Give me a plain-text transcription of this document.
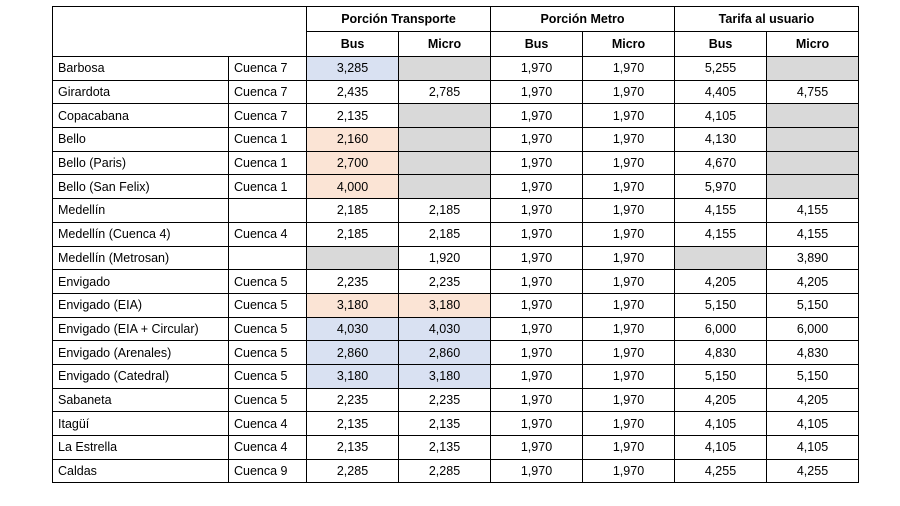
		Porción Transporte		Porción Metro		Tarifa al usuario	
		Bus	Micro	Bus	Micro	Bus	Micro
Barbosa	Cuenca 7	3,285		1,970	1,970	5,255	
Girardota	Cuenca 7	2,435	2,785	1,970	1,970	4,405	4,755
Copacabana	Cuenca 7	2,135		1,970	1,970	4,105	
Bello	Cuenca 1	2,160		1,970	1,970	4,130	
Bello (Paris)	Cuenca 1	2,700		1,970	1,970	4,670	
Bello (San Felix)	Cuenca 1	4,000		1,970	1,970	5,970	
Medellín		2,185	2,185	1,970	1,970	4,155	4,155
Medellín (Cuenca 4)	Cuenca 4	2,185	2,185	1,970	1,970	4,155	4,155
Medellín (Metrosan)			1,920	1,970	1,970		3,890
Envigado	Cuenca 5	2,235	2,235	1,970	1,970	4,205	4,205
Envigado (EIA)	Cuenca 5	3,180	3,180	1,970	1,970	5,150	5,150
Envigado (EIA + Circular)	Cuenca 5	4,030	4,030	1,970	1,970	6,000	6,000
Envigado (Arenales)	Cuenca 5	2,860	2,860	1,970	1,970	4,830	4,830
Envigado (Catedral)	Cuenca 5	3,180	3,180	1,970	1,970	5,150	5,150
Sabaneta	Cuenca 5	2,235	2,235	1,970	1,970	4,205	4,205
Itagüí	Cuenca 4	2,135	2,135	1,970	1,970	4,105	4,105
La Estrella	Cuenca 4	2,135	2,135	1,970	1,970	4,105	4,105
Caldas	Cuenca 9	2,285	2,285	1,970	1,970	4,255	4,255
